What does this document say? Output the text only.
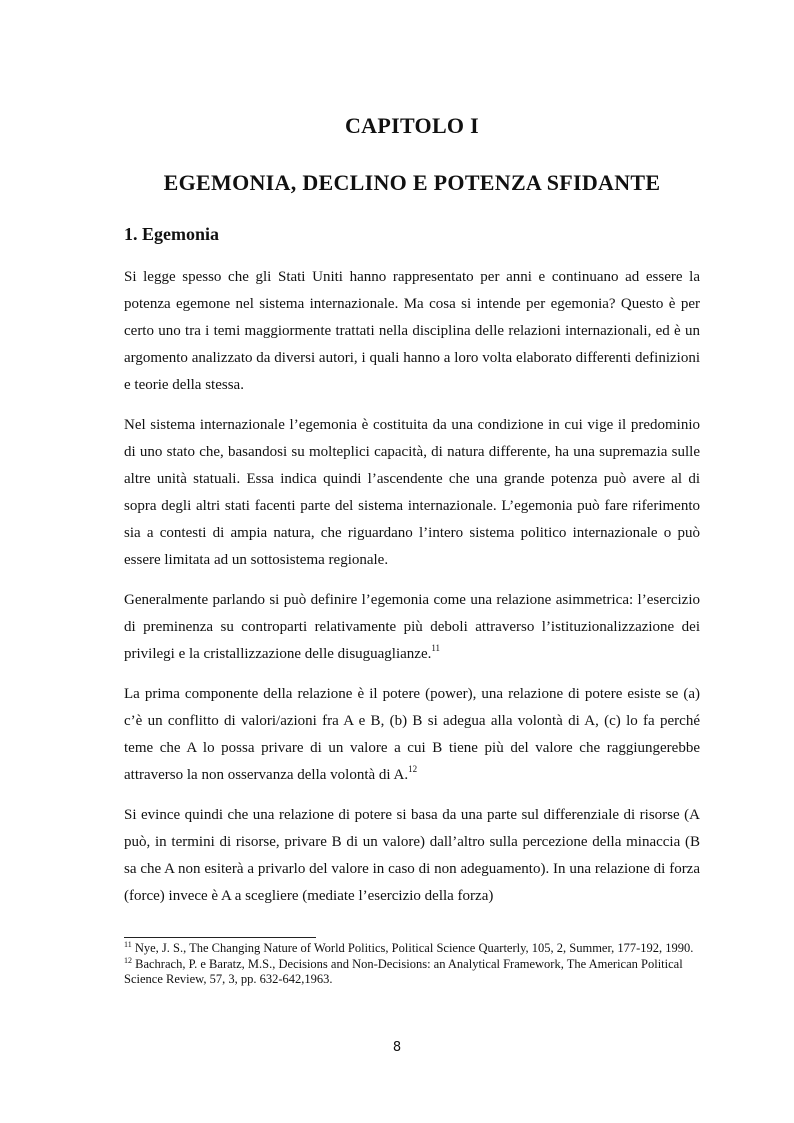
CAPITOLO I
EGEMONIA, DECLINO E POTENZA SFIDANTE
1. Egemonia

Si legge spesso che gli Stati Uniti hanno rappresentato per anni e continuano ad essere la potenza egemone nel sistema internazionale. Ma cosa si intende per egemonia? Questo è per certo uno tra i temi maggiormente trattati nella disciplina delle relazioni internazionali, ed è un argomento analizzato da diversi autori, i quali hanno a loro volta elaborato differenti definizioni e teorie della stessa.

Nel sistema internazionale l’egemonia è costituita da una condizione in cui vige il predominio di uno stato che, basandosi su molteplici capacità, di natura differente, ha una supremazia sulle altre unità statuali. Essa indica quindi l’ascendente che una grande potenza può avere al di sopra degli altri stati facenti parte del sistema internazionale. L’egemonia può fare riferimento sia a contesti di ampia natura, che riguardano l’intero sistema politico internazionale o può essere limitata ad un sottosistema regionale.

Generalmente parlando si può definire l’egemonia come una relazione asimmetrica: l’esercizio di preminenza su controparti relativamente più deboli attraverso l’istituzionalizzazione dei privilegi e la cristallizzazione delle disuguaglianze.$^{11}$

La prima componente della relazione è il potere (power), una relazione di potere esiste se (a) c’è un conflitto di valori/azioni fra A e B, (b) B si adegua alla volontà di A, (c) lo fa perché teme che A lo possa privare di un valore a cui B tiene più del valore che raggiungerebbe attraverso la non osservanza della volontà di A.$^{12}$

Si evince quindi che una relazione di potere si basa da una parte sul differenziale di risorse (A può, in termini di risorse, privare B di un valore) dall’altro sulla percezione della minaccia (B sa che A non esiterà a privarlo del valore in caso di non adeguamento). In una relazione di forza (force) invece è A a scegliere (mediate l’esercizio della forza)

$^{11}$ Nye, J. S., The Changing Nature of World Politics, Political Science Quarterly, 105, 2, Summer, 177-192, 1990.

$^{12}$ Bachrach, P. e Baratz, M.S., Decisions and Non-Decisions: an Analytical Framework, The American Political Science Review, 57, 3, pp. 632-642,1963.

8
